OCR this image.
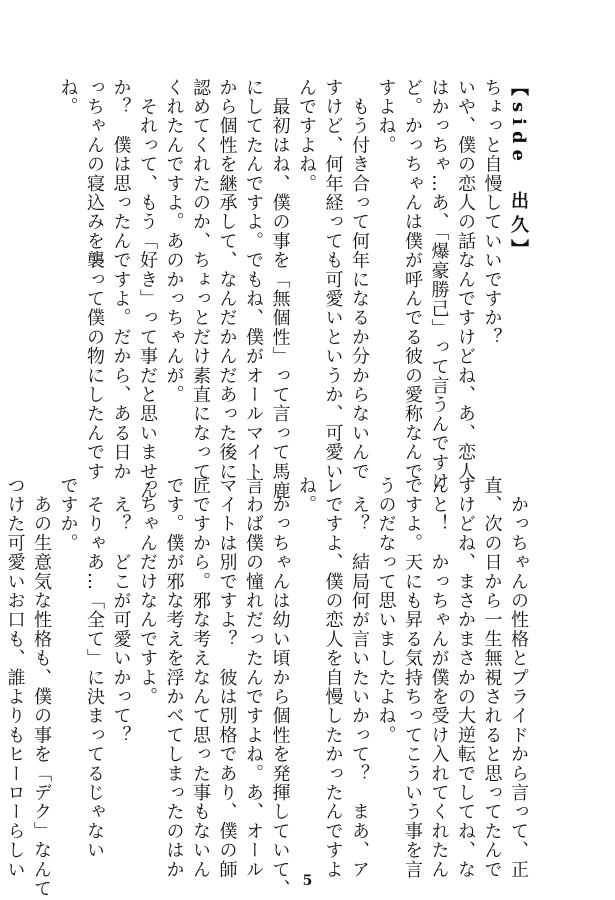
【side　出久】
ちょっと自慢していいですか？
いや、僕の恋人の話なんですけどね、あ、恋人
はかっちゃ…あ、「爆豪勝己」って言うんですけ
ど。かっちゃんは僕が呼んでる彼の愛称なんで
すよね。
　もう付き合って何年になるか分からないんで
すけど、何年経っても可愛いというか、可愛い
んですよね。
　最初はね、僕の事を「無個性」って言って馬鹿
にしてたんですよ。でもね、僕がオールマイト
から個性を継承して、なんだかんだあった後に
認めてくれたのか、ちょっとだけ素直になって
くれたんですよ。あのかっちゃんが。
　それって、もう「好き」って事だと思いません
か？　僕は思ったんですよ。だから、ある日か
っちゃんの寝込みを襲って僕の物にしたんです
ね。
　かっちゃんの性格とプライドから言って、正
直、次の日から一生無視されると思ってたんで
すけどね、まさかまさかの大逆転でしてね、な
んと！　かっちゃんが僕を受け入れてくれたん
ですよ。天にも昇る気持ちってこういう事を言
うのだなって思いましたよね。
　え？　結局何が言いたいかって？　まあ、ア
レですよ、僕の恋人を自慢したかったんですよ
ね。
　かっちゃんは幼い頃から個性を発揮していて、
言わば僕の憧れだったんですよね。あ、オール
マイトは別ですよ？　彼は別格であり、僕の師
匠ですから。邪な考えなんて思った事もないん
です。僕が邪な考えを浮かべてしまったのはか
っちゃんだけなんですよ。
　え？　どこが可愛いかって？
　そりゃあ…「全て」に決まってるじゃない
ですか。
　あの生意気な性格も、僕の事を「デク」なんて
つけた可愛いお口も、誰よりもヒーローらしい
5
